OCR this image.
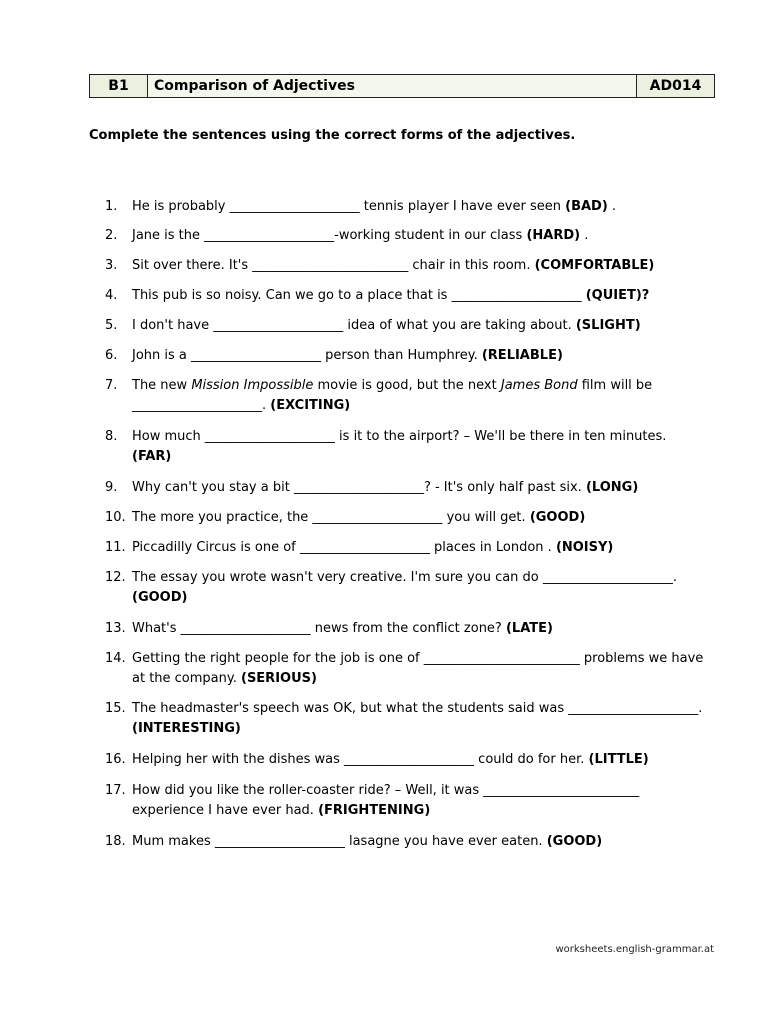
B1	Comparison of Adjectives	AD014
Complete the sentences using the correct forms of the adjectives.
1.	He is probably ____________________ tennis player I have ever seen (BAD) .
2.	Jane is the ____________________-working student in our class (HARD) .
3.	Sit over there. It's ________________________ chair in this room. (COMFORTABLE)
4.	This pub is so noisy. Can we go to a place that is ____________________ (QUIET)?
5.	I don't have ____________________ idea of what you are taking about. (SLIGHT)
6.	John is a ____________________ person than Humphrey. (RELIABLE)
7.	The new Mission Impossible movie is good, but the next James Bond film will be
____________________. (EXCITING)
8.	How much ____________________ is it to the airport? – We'll be there in ten minutes.
(FAR)
9.	Why can't you stay a bit ____________________? - It's only half past six. (LONG)
10. The more you practice, the ____________________ you will get. (GOOD)
11. Piccadilly Circus is one of ____________________ places in London . (NOISY)
12. The essay you wrote wasn't very creative. I'm sure you can do ____________________.
(GOOD)
13. What's ____________________ news from the conflict zone? (LATE)
14. Getting the right people for the job is one of ________________________ problems we have at the company. (SERIOUS)
15. The headmaster's speech was OK, but what the students said was ____________________. (INTERESTING)
16. Helping her with the dishes was ____________________ could do for her. (LITTLE)
17. How did you like the roller-coaster ride? – Well, it was ________________________ experience I have ever had. (FRIGHTENING)
18. Mum makes ____________________ lasagne you have ever eaten. (GOOD)
worksheets.english-grammar.at
